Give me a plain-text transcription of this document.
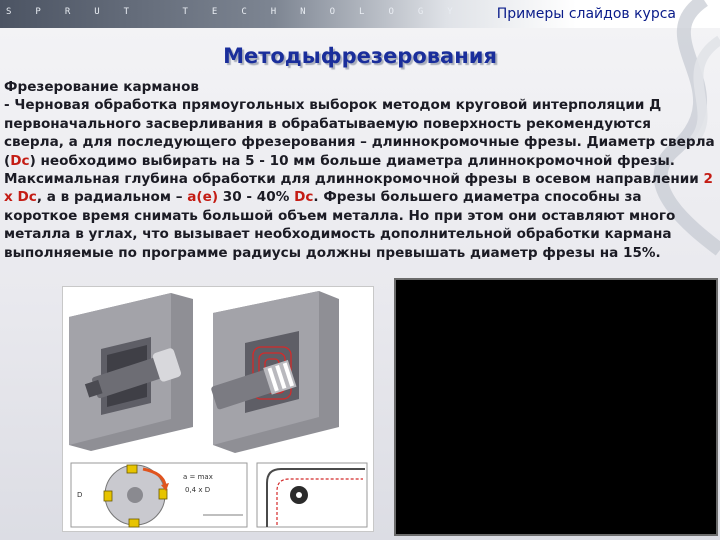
SPRUT TECHNOLOGY Примеры слайдов курса
Методыфрезерования
Фрезерование карманов
- Черновая обработка прямоугольных выборок методом круговой интерполяции Д
первоначального засверливания в обрабатываемую поверхность рекомендуются
сверла, а для последующего фрезерования – длиннокромочные фрезы. Диаметр сверла
(Dc) необходимо выбирать на 5 - 10 мм больше диаметра длиннокромочной фрезы.
Максимальная глубина обработки для длиннокромочной фрезы в осевом направлении 2
x Dc, а в радиальном – a(e) 30 - 40% Dc. Фрезы большего диаметра способны за
короткое время снимать большой объем металла. Но при этом они оставляют много
металла в углах, что вызывает необходимость дополнительной обработки кармана
выполняемые по программе радиусы должны превышать диаметр фрезы на 15%.
a = max
0,4 x D
D
